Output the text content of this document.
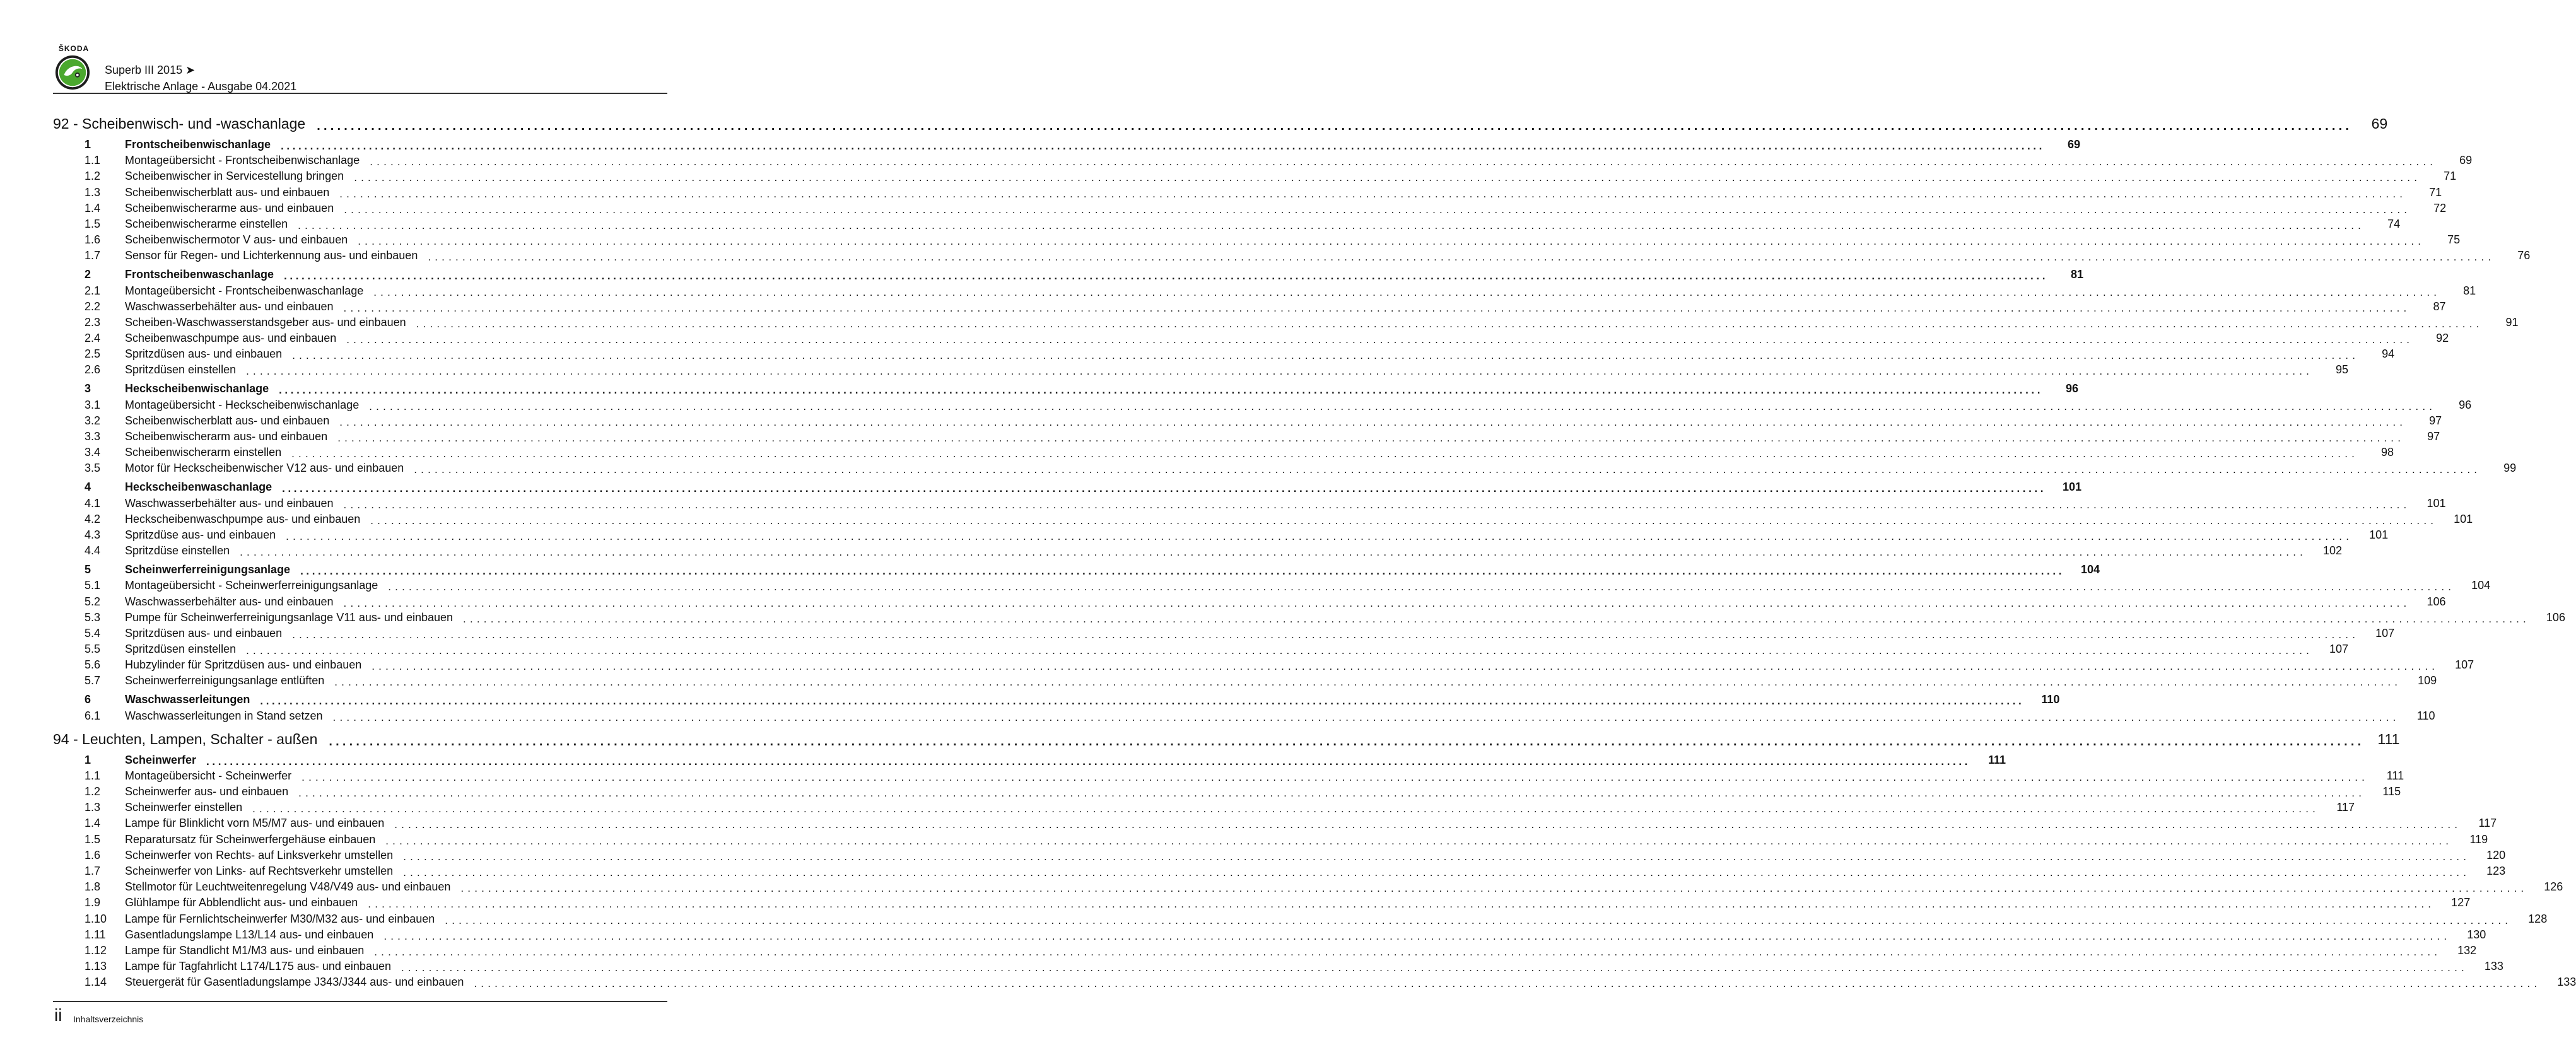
ŠKODA
Superb III 2015 ➤
Elektrische Anlage - Ausgabe 04.2021
92 - Scheibenwisch- und -waschanlage ............................................................................................................................................................................................................................................................................................................	69
1	Frontscheibenwischanlage ............................................................................................................................................................................................................................................................................................................	69
1.1	Montageübersicht - Frontscheibenwischanlage ............................................................................................................................................................................................................................................................................................................	69
1.2	Scheibenwischer in Servicestellung bringen ............................................................................................................................................................................................................................................................................................................	71
1.3	Scheibenwischerblatt aus- und einbauen ............................................................................................................................................................................................................................................................................................................	71
1.4	Scheibenwischerarme aus- und einbauen ............................................................................................................................................................................................................................................................................................................	72
1.5	Scheibenwischerarme einstellen ............................................................................................................................................................................................................................................................................................................	74
1.6	Scheibenwischermotor V aus- und einbauen ............................................................................................................................................................................................................................................................................................................	75
1.7	Sensor für Regen- und Lichterkennung aus- und einbauen ............................................................................................................................................................................................................................................................................................................	76
2	Frontscheibenwaschanlage ............................................................................................................................................................................................................................................................................................................	81
2.1	Montageübersicht - Frontscheibenwaschanlage ............................................................................................................................................................................................................................................................................................................	81
2.2	Waschwasserbehälter aus- und einbauen ............................................................................................................................................................................................................................................................................................................	87
2.3	Scheiben-Waschwasserstandsgeber aus- und einbauen ............................................................................................................................................................................................................................................................................................................	91
2.4	Scheibenwaschpumpe aus- und einbauen ............................................................................................................................................................................................................................................................................................................	92
2.5	Spritzdüsen aus- und einbauen ............................................................................................................................................................................................................................................................................................................	94
2.6	Spritzdüsen einstellen ............................................................................................................................................................................................................................................................................................................	95
3	Heckscheibenwischanlage ............................................................................................................................................................................................................................................................................................................	96
3.1	Montageübersicht - Heckscheibenwischanlage ............................................................................................................................................................................................................................................................................................................	96
3.2	Scheibenwischerblatt aus- und einbauen ............................................................................................................................................................................................................................................................................................................	97
3.3	Scheibenwischerarm aus- und einbauen ............................................................................................................................................................................................................................................................................................................	97
3.4	Scheibenwischerarm einstellen ............................................................................................................................................................................................................................................................................................................	98
3.5	Motor für Heckscheibenwischer V12 aus- und einbauen ............................................................................................................................................................................................................................................................................................................	99
4	Heckscheibenwaschanlage ............................................................................................................................................................................................................................................................................................................	101
4.1	Waschwasserbehälter aus- und einbauen ............................................................................................................................................................................................................................................................................................................	101
4.2	Heckscheibenwaschpumpe aus- und einbauen ............................................................................................................................................................................................................................................................................................................	101
4.3	Spritzdüse aus- und einbauen ............................................................................................................................................................................................................................................................................................................	101
4.4	Spritzdüse einstellen ............................................................................................................................................................................................................................................................................................................	102
5	Scheinwerferreinigungsanlage ............................................................................................................................................................................................................................................................................................................	104
5.1	Montageübersicht - Scheinwerferreinigungsanlage ............................................................................................................................................................................................................................................................................................................	104
5.2	Waschwasserbehälter aus- und einbauen ............................................................................................................................................................................................................................................................................................................	106
5.3	Pumpe für Scheinwerferreinigungsanlage V11 aus- und einbauen ............................................................................................................................................................................................................................................................................................................	106
5.4	Spritzdüsen aus- und einbauen ............................................................................................................................................................................................................................................................................................................	107
5.5	Spritzdüsen einstellen ............................................................................................................................................................................................................................................................................................................	107
5.6	Hubzylinder für Spritzdüsen aus- und einbauen ............................................................................................................................................................................................................................................................................................................	107
5.7	Scheinwerferreinigungsanlage entlüften ............................................................................................................................................................................................................................................................................................................	109
6	Waschwasserleitungen ............................................................................................................................................................................................................................................................................................................	110
6.1	Waschwasserleitungen in Stand setzen ............................................................................................................................................................................................................................................................................................................	110
94 - Leuchten, Lampen, Schalter - außen ............................................................................................................................................................................................................................................................................................................ 111
1	Scheinwerfer ............................................................................................................................................................................................................................................................................................................	111
1.1	Montageübersicht - Scheinwerfer ............................................................................................................................................................................................................................................................................................................	111
1.2	Scheinwerfer aus- und einbauen ............................................................................................................................................................................................................................................................................................................	115
1.3	Scheinwerfer einstellen ............................................................................................................................................................................................................................................................................................................	117
1.4	Lampe für Blinklicht vorn M5/M7 aus- und einbauen ............................................................................................................................................................................................................................................................................................................	117
1.5	Reparatursatz für Scheinwerfergehäuse einbauen ............................................................................................................................................................................................................................................................................................................	119
1.6	Scheinwerfer von Rechts- auf Linksverkehr umstellen ............................................................................................................................................................................................................................................................................................................	120
1.7	Scheinwerfer von Links- auf Rechtsverkehr umstellen ............................................................................................................................................................................................................................................................................................................	123
1.8	Stellmotor für Leuchtweitenregelung V48/V49 aus- und einbauen ............................................................................................................................................................................................................................................................................................................	126
1.9	Glühlampe für Abblendlicht aus- und einbauen ............................................................................................................................................................................................................................................................................................................	127
1.10	Lampe für Fernlichtscheinwerfer M30/M32 aus- und einbauen ............................................................................................................................................................................................................................................................................................................	128
1.11	Gasentladungslampe L13/L14 aus- und einbauen ............................................................................................................................................................................................................................................................................................................	130
1.12	Lampe für Standlicht M1/M3 aus- und einbauen ............................................................................................................................................................................................................................................................................................................	132
1.13	Lampe für Tagfahrlicht L174/L175 aus- und einbauen ............................................................................................................................................................................................................................................................................................................	133
1.14	Steuergerät für Gasentladungslampe J343/J344 aus- und einbauen ............................................................................................................................................................................................................................................................................................................	133
ii Inhaltsverzeichnis
